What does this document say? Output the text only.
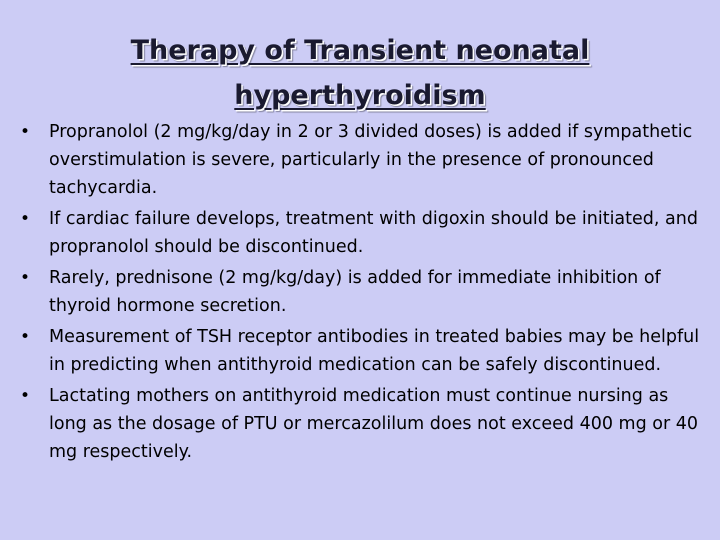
Therapy of Transient neonatal
hyperthyroidism
• Propranolol (2 mg/kg/day in 2 or 3 divided doses) is added if sympathetic overstimulation is severe, particularly in the presence of pronounced tachycardia.
• If cardiac failure develops, treatment with digoxin should be initiated, and propranolol should be discontinued.
• Rarely, prednisone (2 mg/kg/day) is added for immediate inhibition of thyroid hormone secretion.
• Measurement of TSH receptor antibodies in treated babies may be helpful in predicting when antithyroid medication can be safely discontinued.
• Lactating mothers on antithyroid medication must continue nursing as long as the dosage of PTU or mercazolilum does not exceed 400 mg or 40 mg respectively.
